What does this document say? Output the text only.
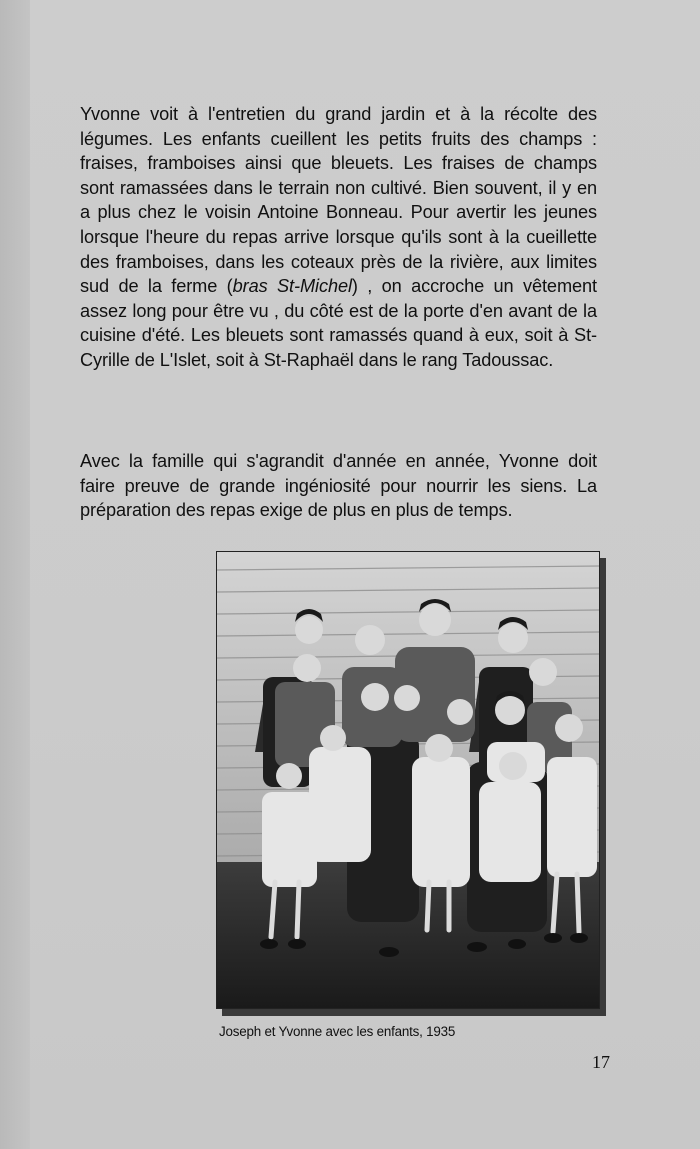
Yvonne voit à l'entretien du grand jardin et à la récolte des légumes. Les enfants cueillent les petits fruits des champs : fraises, framboises ainsi que bleuets. Les fraises de champs sont ramassées dans le terrain non cultivé. Bien souvent, il y en a plus chez le voisin Antoine Bonneau. Pour avertir les jeunes lorsque l'heure du repas arrive lorsque qu'ils sont à la cueillette des framboises, dans les coteaux près de la rivière, aux limites sud de la ferme (bras St-Michel) , on accroche un vêtement assez long pour être vu , du côté est de la porte d'en avant de la cuisine d'été. Les bleuets sont ramassés quand à eux, soit à St-Cyrille de L'Islet, soit à St-Raphaël dans le rang Tadoussac.

Avec la famille qui s'agrandit d'année en année, Yvonne doit faire preuve de grande ingéniosité pour nourrir les siens. La préparation des repas exige de plus en plus de temps.

Joseph et Yvonne avec les enfants, 1935
17
